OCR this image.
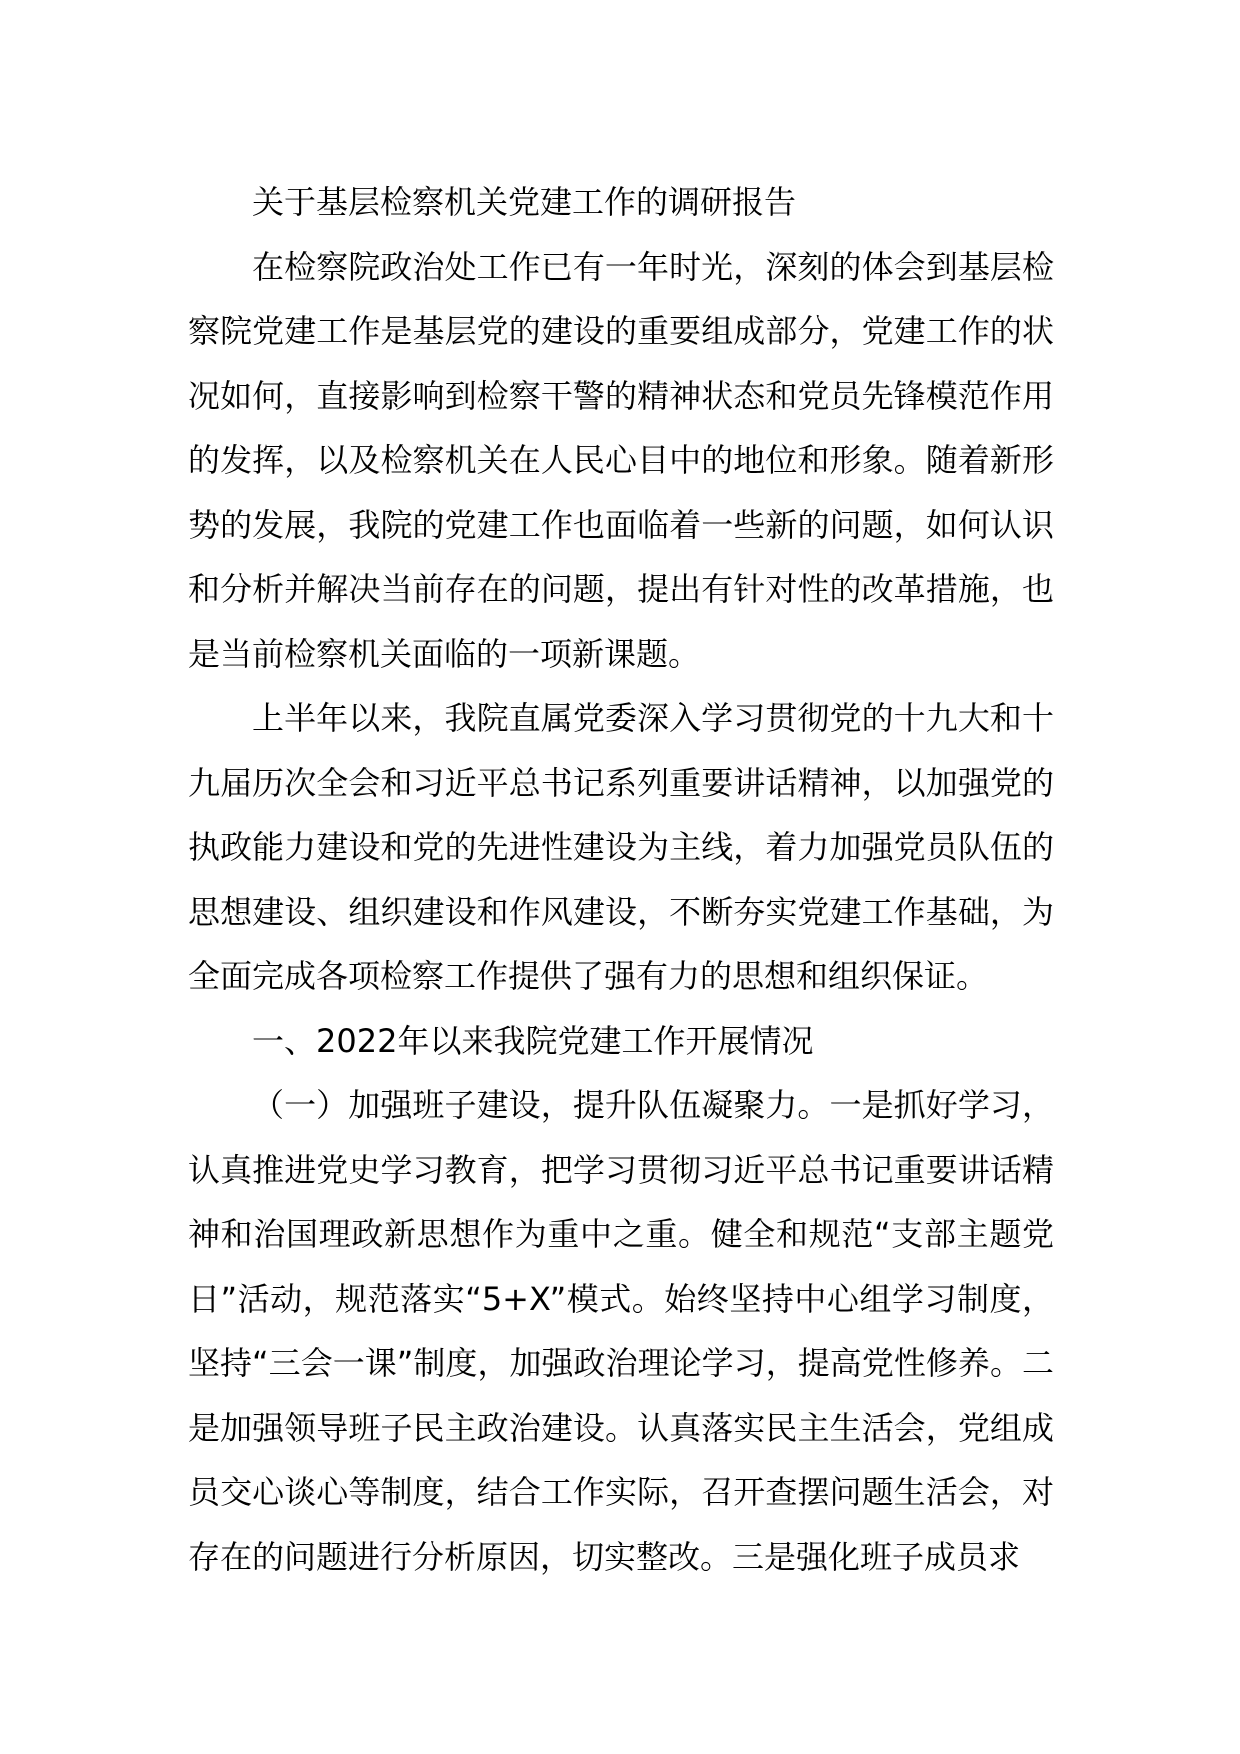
关于基层检察机关党建工作的调研报告

在检察院政治处工作已有一年时光，深刻的体会到基层检察院党建工作是基层党的建设的重要组成部分，党建工作的状况如何，直接影响到检察干警的精神状态和党员先锋模范作用的发挥，以及检察机关在人民心目中的地位和形象。随着新形势的发展，我院的党建工作也面临着一些新的问题，如何认识和分析并解决当前存在的问题，提出有针对性的改革措施，也是当前检察机关面临的一项新课题。

上半年以来，我院直属党委深入学习贯彻党的十九大和十九届历次全会和习近平总书记系列重要讲话精神，以加强党的执政能力建设和党的先进性建设为主线，着力加强党员队伍的思想建设、组织建设和作风建设，不断夯实党建工作基础，为全面完成各项检察工作提供了强有力的思想和组织保证。

一、2022年以来我院党建工作开展情况

（一）加强班子建设，提升队伍凝聚力。一是抓好学习，认真推进党史学习教育，把学习贯彻习近平总书记重要讲话精神和治国理政新思想作为重中之重。健全和规范“支部主题党日”活动，规范落实“5+X”模式。始终坚持中心组学习制度，坚持“三会一课”制度，加强政治理论学习，提高党性修养。二是加强领导班子民主政治建设。认真落实民主生活会，党组成员交心谈心等制度，结合工作实际，召开查摆问题生活会，对存在的问题进行分析原因，切实整改。三是强化班子成员求
